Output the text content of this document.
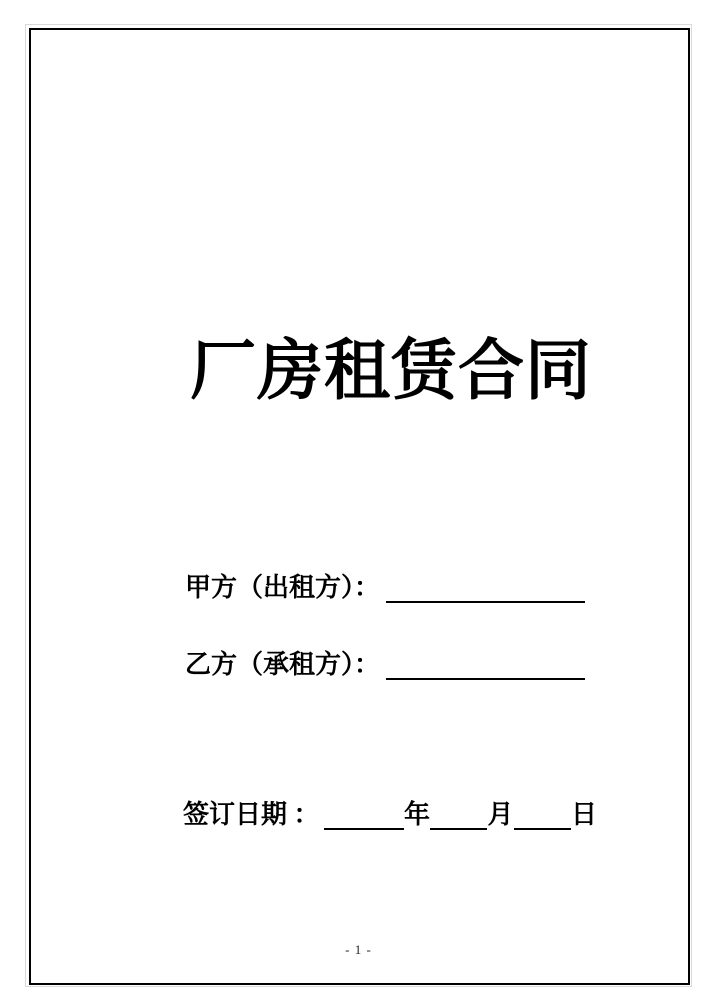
厂房租赁合同
甲方（出租方）：
乙方（承租方）：
签订日期 ：	年 月 日
- 1 -
